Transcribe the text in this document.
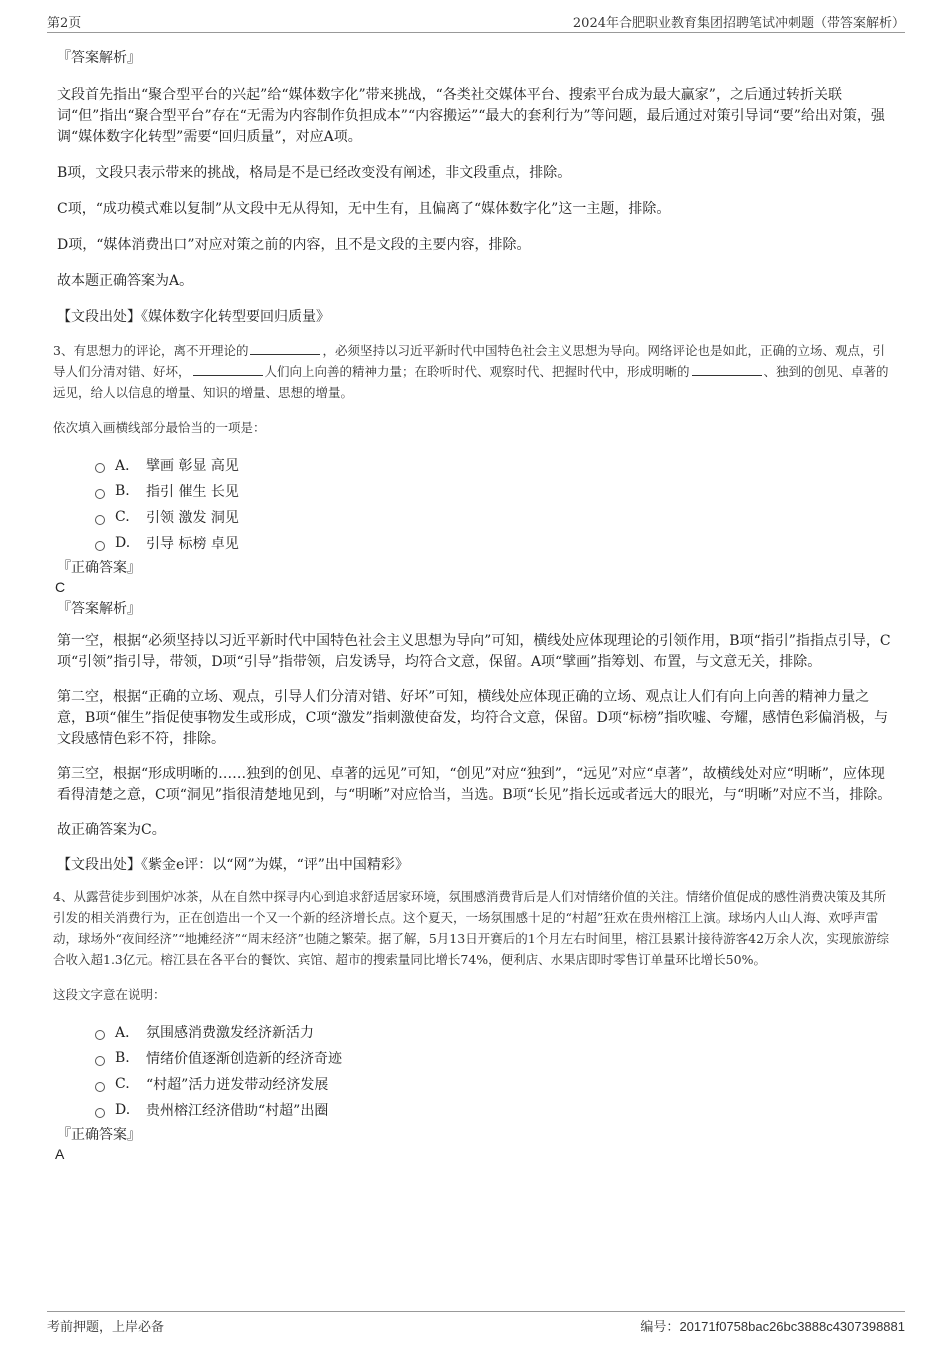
第2页	2024年合肥职业教育集团招聘笔试冲刺题（带答案解析）
『答案解析』

文段首先指出“聚合型平台的兴起”给“媒体数字化”带来挑战，“各类社交媒体平台、搜索平台成为最大赢家”，之后通过转折关联词“但”指出“聚合型平台”存在“无需为内容制作负担成本”“内容搬运”“最大的套利行为”等问题，最后通过对策引导词“要”给出对策，强调“媒体数字化转型”需要“回归质量”，对应A项。

B项，文段只表示带来的挑战，格局是不是已经改变没有阐述，非文段重点，排除。

C项，“成功模式难以复制”从文段中无从得知，无中生有，且偏离了“媒体数字化”这一主题，排除。

D项，“媒体消费出口”对应对策之前的内容，且不是文段的主要内容，排除。

故本题正确答案为A。

【文段出处】《媒体数字化转型要回归质量》

3、有思想力的评论，离不开理论的	，必须坚持以习近平新时代中国特色社会主义思想为导向。网络评论也是如此，正确的立场、观点，引导人们分清对错、好坏，	人们向上向善的精神力量；在聆听时代、观察时代、把握时代中，形成明晰的	、独到的创见、卓著的远见，给人以信息的增量、知识的增量、思想的增量。

依次填入画横线部分最恰当的一项是：

A． 擘画 彰显 高见
B.	指引 催生 长见
C.	引领 激发 洞见
D.	引导 标榜 卓见
『正确答案』
C
『答案解析』

第一空，根据“必须坚持以习近平新时代中国特色社会主义思想为导向”可知，横线处应体现理论的引领作用，B项“指引”指指点引导，C项“引领”指引导，带领，D项“引导”指带领，启发诱导，均符合文意，保留。A项“擘画”指筹划、布置，与文意无关，排除。

第二空，根据“正确的立场、观点，引导人们分清对错、好坏”可知，横线处应体现正确的立场、观点让人们有向上向善的精神力量之意，B项“催生”指促使事物发生或形成，C项“激发”指刺激使奋发，均符合文意，保留。D项“标榜”指吹嘘、夸耀，感情色彩偏消极，与文段感情色彩不符，排除。

第三空，根据“形成明晰的……独到的创见、卓著的远见”可知，“创见”对应“独到”，“远见”对应“卓著”，故横线处对应“明晰”，应体现看得清楚之意，C项“洞见”指很清楚地见到，与“明晰”对应恰当，当选。B项“长见”指长远或者远大的眼光，与“明晰”对应不当，排除。

故正确答案为C。

【文段出处】《紫金e评：以“网”为媒，“评”出中国精彩》

4、从露营徒步到围炉冰茶，从在自然中探寻内心到追求舒适居家环境，氛围感消费背后是人们对情绪价值的关注。情绪价值促成的感性消费决策及其所引发的相关消费行为，正在创造出一个又一个新的经济增长点。这个夏天，一场氛围感十足的“村超”狂欢在贵州榕江上演。球场内人山人海、欢呼声雷动，球场外“夜间经济”“地摊经济”“周末经济”也随之繁荣。据了解，5月13日开赛后的1个月左右时间里，榕江县累计接待游客42万余人次，实现旅游综合收入超1.3亿元。榕江县在各平台的餐饮、宾馆、超市的搜索量同比增长74%，便利店、水果店即时零售订单量环比增长50%。

这段文字意在说明：

A． 氛围感消费激发经济新活力
B.	情绪价值逐渐创造新的经济奇迹
C.	“村超”活力迸发带动经济发展
D.	贵州榕江经济借助“村超”出圈
『正确答案』
A
考前押题，上岸必备	编号：20171f0758bac26bc3888c4307398881
